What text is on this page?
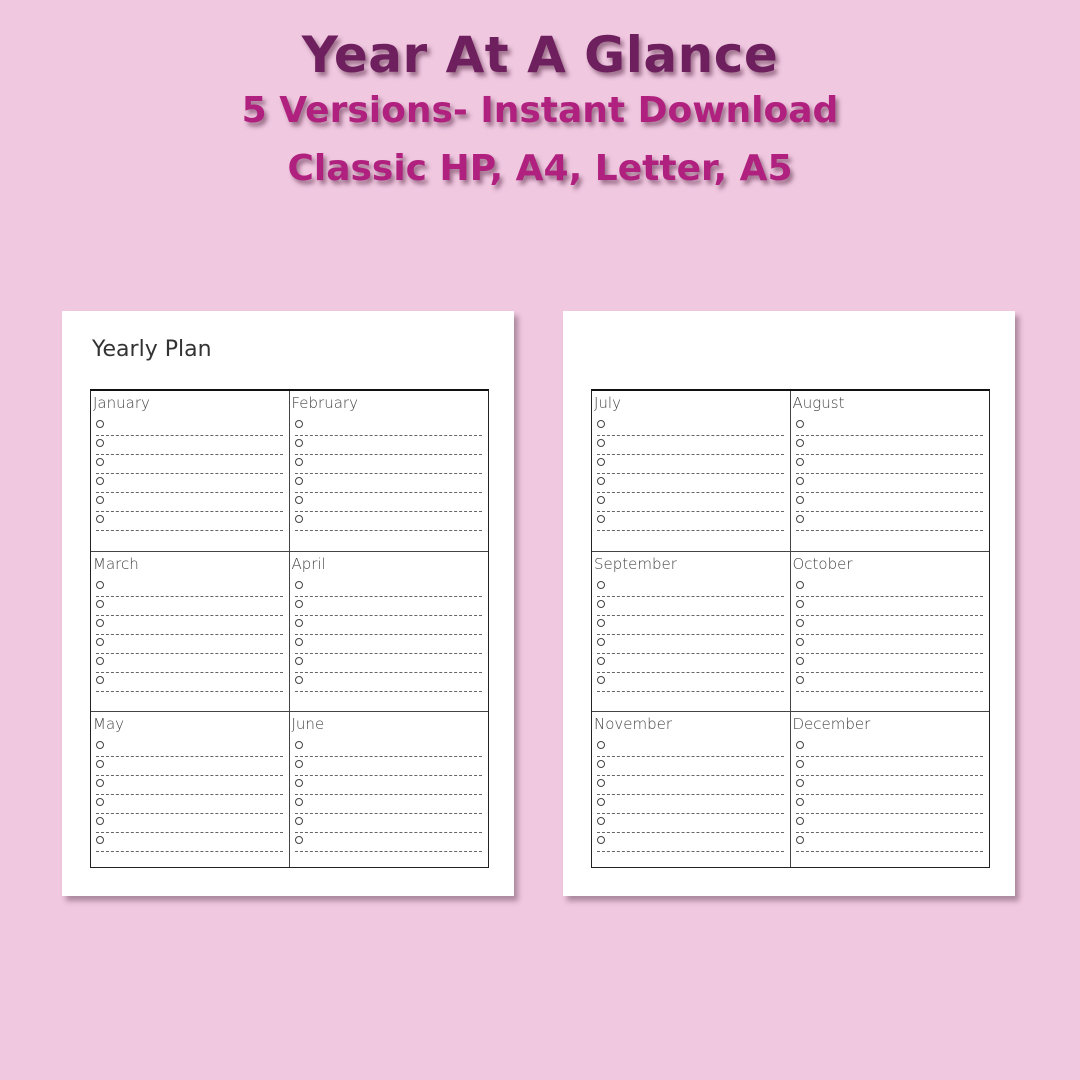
Year At A Glance
5 Versions- Instant Download
Classic HP, A4, Letter, A5
Yearly Plan
January	February
March	April
May	June
July	August
September	October
November	December
